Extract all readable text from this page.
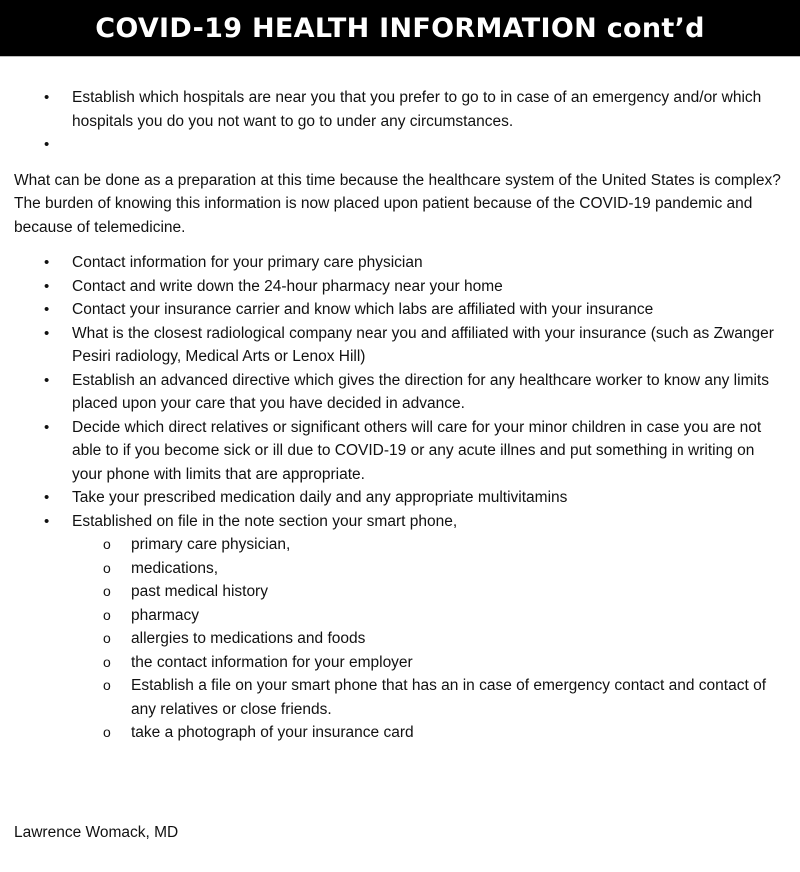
COVID-19 HEALTH INFORMATION cont’d
• Establish which hospitals are near you that you prefer to go to in case of an emergency and/or which hospitals you do you not want to go to under any circumstances.
•

What can be done as a preparation at this time because the healthcare system of the United States is complex? The burden of knowing this information is now placed upon patient because of the COVID-19 pandemic and because of telemedicine.

• Contact information for your primary care physician
• Contact and write down the 24-hour pharmacy near your home
• Contact your insurance carrier and know which labs are affiliated with your insurance
• What is the closest radiological company near you and affiliated with your insurance (such as Zwanger Pesiri radiology, Medical Arts or Lenox Hill)
• Establish an advanced directive which gives the direction for any healthcare worker to know any limits placed upon your care that you have decided in advance.
• Decide which direct relatives or significant others will care for your minor children in case you are not able to if you become sick or ill due to COVID-19 or any acute illnes and put something in writing on your phone with limits that are appropriate.
• Take your prescribed medication daily and any appropriate multivitamins
• Established on file in the note section your smart phone,
o primary care physician,
o medications,
o past medical history
o pharmacy
o allergies to medications and foods
o the contact information for your employer
o Establish a file on your smart phone that has an in case of emergency contact and contact of any relatives or close friends.
o take a photograph of your insurance card
Lawrence Womack, MD
